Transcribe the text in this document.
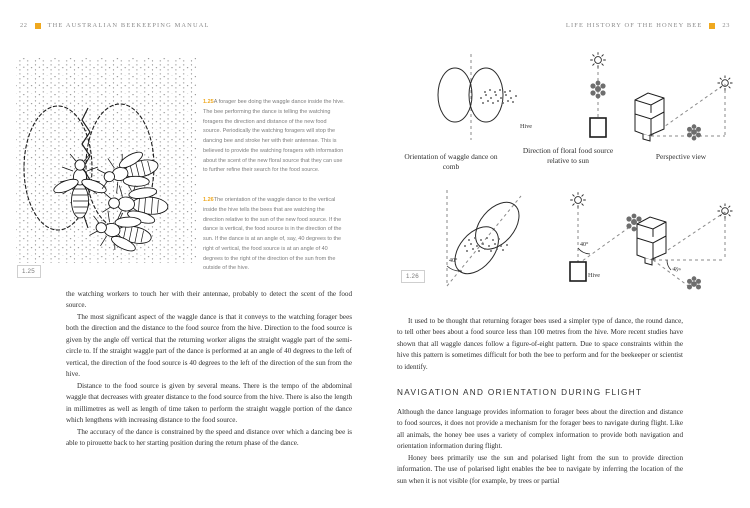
22	THE AUSTRALIAN BEEKEEPING MANUAL
1.25
1.25A forager bee doing the waggle dance inside the hive. The bee performing the dance is telling the watching foragers the direction and distance of the new food source. Periodically the watching foragers will stop the dancing bee and stroke her with their antennae. This is believed to provide the watching foragers with information about the scent of the new floral source that they can use to further refine their search for the food source.
1.26The orientation of the waggle dance to the vertical inside the hive tells the bees that are watching the direction relative to the sun of the new food source. If the dance is vertical, the food source is in the direction of the sun. If the dance is at an angle of, say, 40 degrees to the right of vertical, the food source is at an angle of 40 degrees to the right of the direction of the sun from the outside of the hive.

the watching workers to touch her with their antennae, probably to detect the scent of the food source.

The most significant aspect of the waggle dance is that it conveys to the watching forager bees both the direction and the distance to the food source from the hive. Direction to the food source is given by the angle off vertical that the returning worker aligns the straight waggle part of the semi-circle to. If the straight waggle part of the dance is performed at an angle of 40 degrees to the left of vertical, the direction of the food source is 40 degrees to the left of the direction of the sun from the hive.

Distance to the food source is given by several means. There is the tempo of the abdominal waggle that decreases with greater distance to the food source from the hive. There is also the length in millimetres as well as length of time taken to perform the straight waggle portion of the dance which lengthens with increasing distance to the food source.

The accuracy of the dance is constrained by the speed and distance over which a dancing bee is able to pirouette back to her starting position during the return phase of the dance.

LIFE HISTORY OF THE HONEY BEE	23
Hive
Orientation of waggle dance on comb
Direction of floral food source relative to sun	Perspective view
40°
40°
40°
Hive
1.26

It used to be thought that returning forager bees used a simpler type of dance, the round dance, to tell other bees about a food source less than 100 metres from the hive. More recent studies have shown that all waggle dances follow a figure-of-eight pattern. Due to space constraints within the hive this pattern is sometimes difficult for both the bee to perform and for the beekeeper or scientist to identify.

NAVIGATION AND ORIENTATION DURING FLIGHT

Although the dance language provides information to forager bees about the direction and distance to food sources, it does not provide a mechanism for the forager bees to navigate during flight. Like all animals, the honey bee uses a variety of complex information to provide both navigation and orientation information during flight.

Honey bees primarily use the sun and polarised light from the sun to provide direction information. The use of polarised light enables the bee to navigate by inferring the location of the sun when it is not visible (for example, by trees or partial
